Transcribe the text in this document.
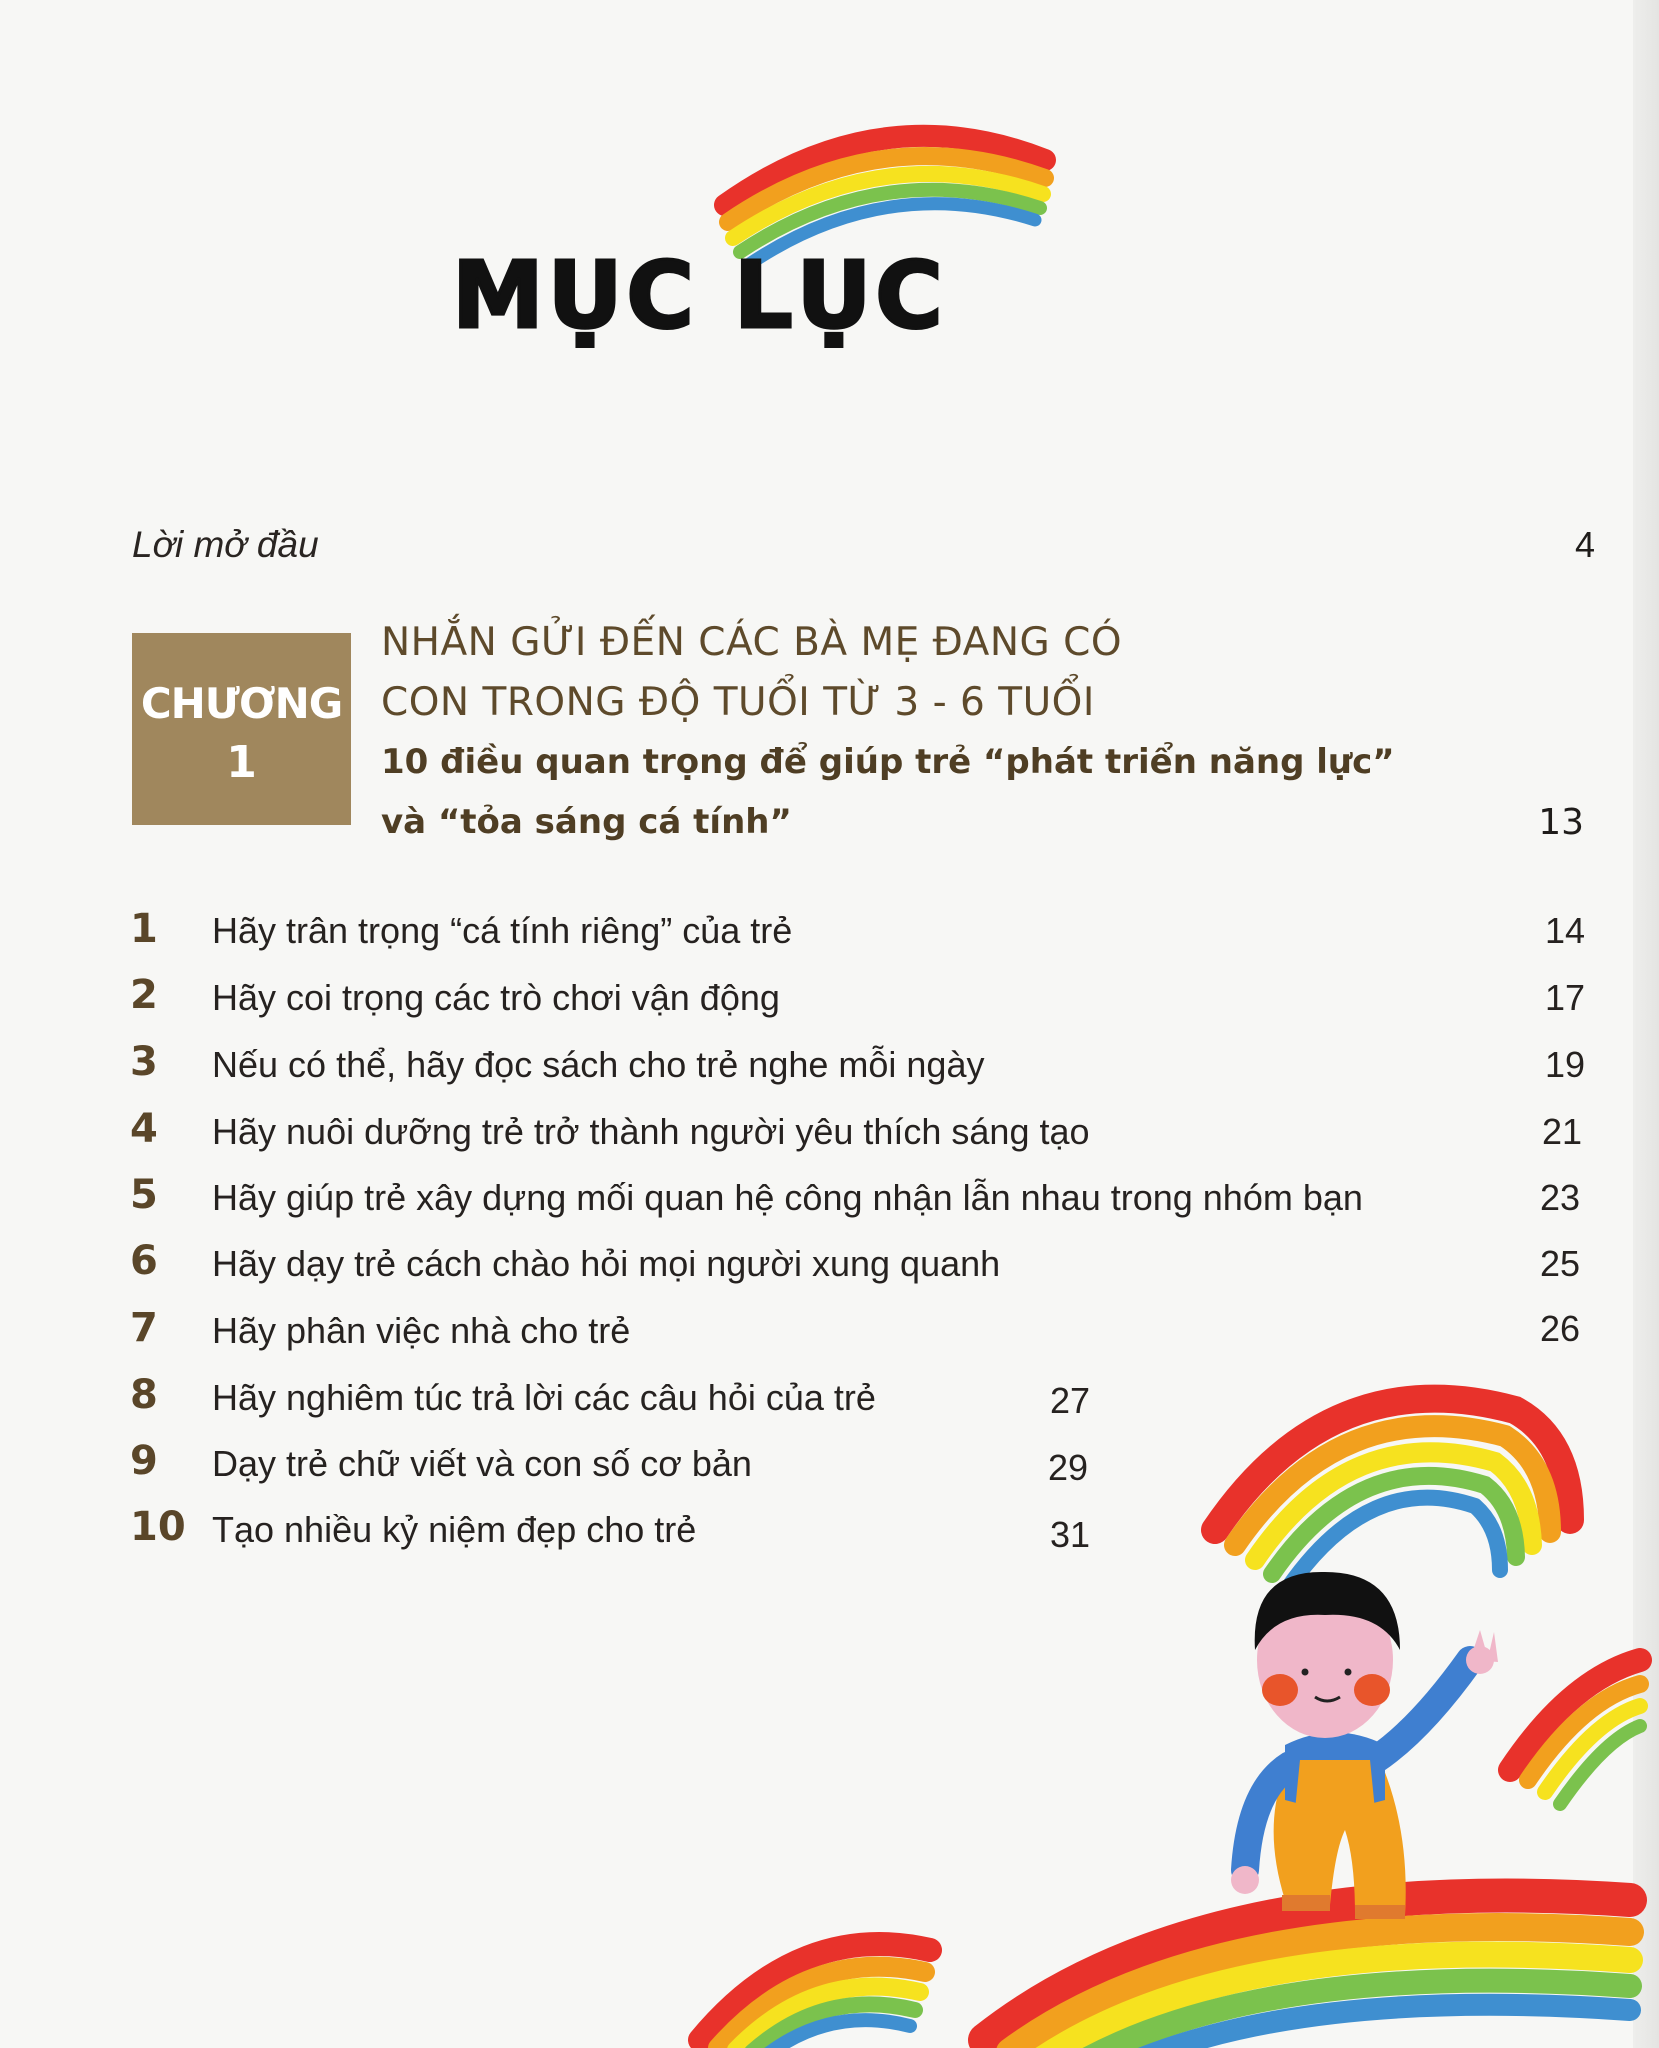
MỤC LỤC
Lời mở đầu	4
CHƯƠNG
1
NHẮN GỬI ĐẾN CÁC BÀ MẸ ĐANG CÓ
CON TRONG ĐỘ TUỔI TỪ 3 - 6 TUỔI
10 điều quan trọng để giúp trẻ “phát triển năng lực”
và “tỏa sáng cá tính”	13
1	Hãy trân trọng “cá tính riêng” của trẻ	14
2	Hãy coi trọng các trò chơi vận động	17
3	Nếu có thể, hãy đọc sách cho trẻ nghe mỗi ngày	19
4	Hãy nuôi dưỡng trẻ trở thành người yêu thích sáng tạo	21
5	Hãy giúp trẻ xây dựng mối quan hệ công nhận lẫn nhau trong nhóm bạn	23
6	Hãy dạy trẻ cách chào hỏi mọi người xung quanh	25
7	Hãy phân việc nhà cho trẻ	26
8	Hãy nghiêm túc trả lời các câu hỏi của trẻ	27
9	Dạy trẻ chữ viết và con số cơ bản	29
10 Tạo nhiều kỷ niệm đẹp cho trẻ	31
